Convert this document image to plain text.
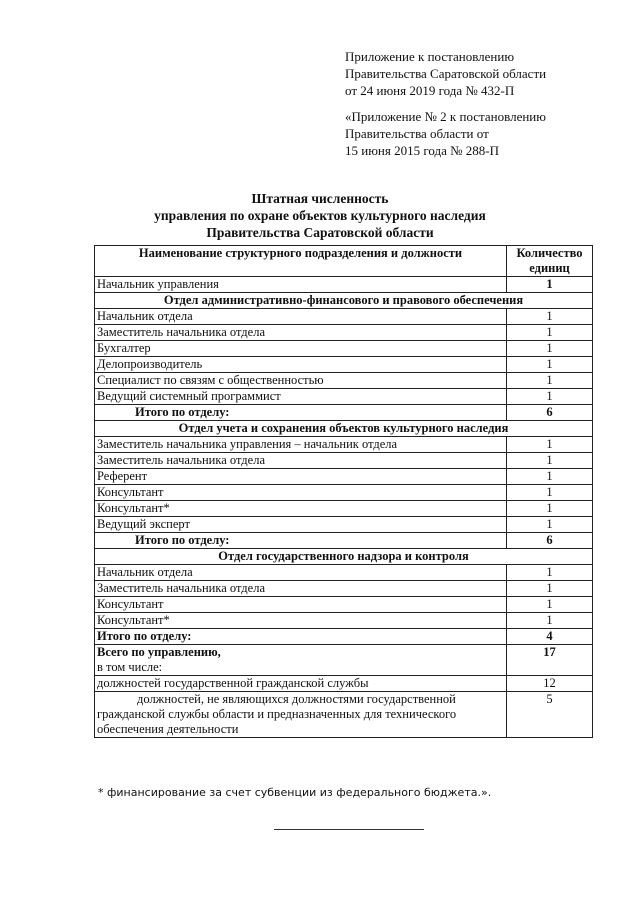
Приложение к постановлению
Правительства Саратовской области
от 24 июня 2019 года № 432-П
«Приложение № 2 к постановлению
Правительства области от
15 июня 2015 года № 288-П
Штатная численность
управления по охране объектов культурного наследия
Правительства Саратовской области
Наименование структурного подразделения и должности	Количество единиц
Начальник управления	1
Отдел административно-финансового и правового обеспечения	
Начальник отдела	1
Заместитель начальника отдела	1
Бухгалтер	1
Делопроизводитель	1
Специалист по связям с общественностью	1
Ведущий системный программист	1
Итого по отделу:	6
Отдел учета и сохранения объектов культурного наследия	
Заместитель начальника управления – начальник отдела	1
Заместитель начальника отдела	1
Референт	1
Консультант	1
Консультант*	1
Ведущий эксперт	1
Итого по отделу:	6
Отдел государственного надзора и контроля	
Начальник отдела	1
Заместитель начальника отдела	1
Консультант	1
Консультант*	1
Итого по отделу:	4

Всего по управлению,
в том числе:	17
должностей государственной гражданской службы	12
должностей, не являющихся должностями государственной гражданской службы области и предназначенных для технического обеспечения деятельности	5
* финансирование за счет субвенции из федерального бюджета.».
